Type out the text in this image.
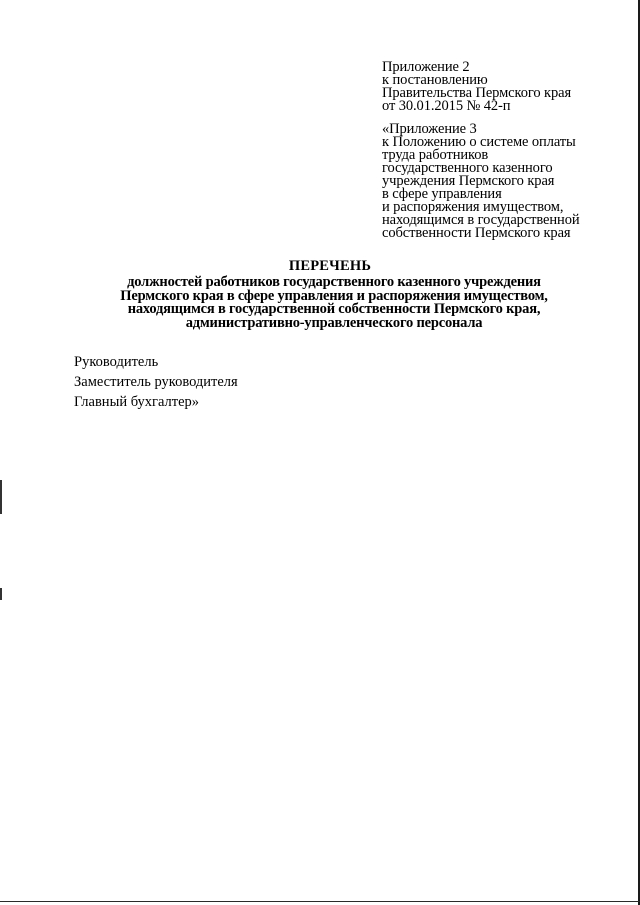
Приложение 2
к постановлению
Правительства Пермского края
от 30.01.2015 № 42-п
«Приложение 3
к Положению о системе оплаты
труда работников
государственного казенного
учреждения Пермского края
в сфере управления
и распоряжения имуществом,
находящимся в государственной
собственности Пермского края
ПЕРЕЧЕНЬ
должностей работников государственного казенного учреждения
Пермского края в сфере управления и распоряжения имуществом,
находящимся в государственной собственности Пермского края,
административно-управленческого персонала
Руководитель
Заместитель руководителя
Главный бухгалтер»
